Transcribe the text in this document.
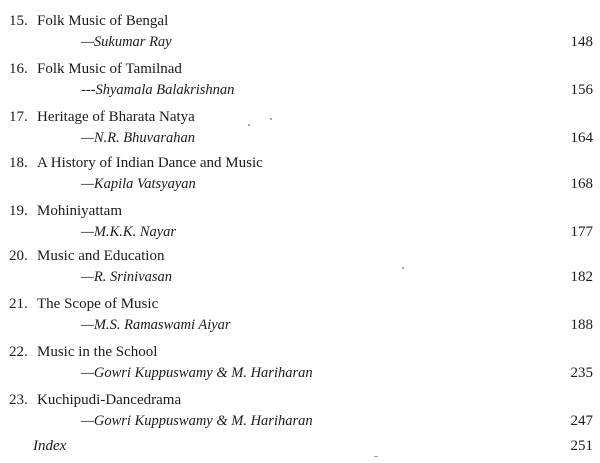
15. Folk Music of Bengal
—Sukumar Ray	148
16. Folk Music of Tamilnad
---Shyamala Balakrishnan	156
17. Heritage of Bharata Natya
—N.R. Bhuvarahan	164
18. A History of Indian Dance and Music
—Kapila Vatsyayan	168
19. Mohiniyattam
—M.K.K. Nayar	177
20. Music and Education
—R. Srinivasan	182
21. The Scope of Music
—M.S. Ramaswami Aiyar	188
22. Music in the School
—Gowri Kuppuswamy & M. Hariharan	235
23. Kuchipudi-Dancedrama
—Gowri Kuppuswamy & M. Hariharan	247
Index	251
